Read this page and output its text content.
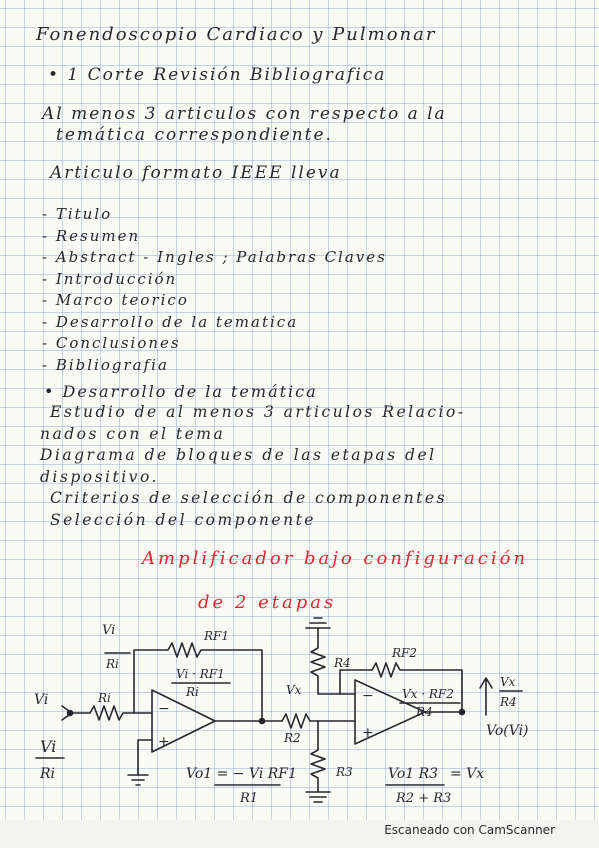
Fonendoscopio Cardiaco y Pulmonar

• 1 Corte Revisión Bibliografica

Al menos 3 articulos con respecto a la

temática correspondiente.

Articulo formato IEEE lleva

- Titulo
- Resumen
- Abstract - Ingles ; Palabras Claves
- Introducción
- Marco teorico
- Desarrollo de la tematica
- Conclusiones
- Bibliografia

• Desarrollo de la temática

Estudio de al menos 3 articulos Relacio-
nados con el tema
Diagrama de bloques de las etapas del
dispositivo.
Criterios de selección de componentes
Selección del componente

Amplificador bajo configuración

de 2 etapas

Vi
Ri
RF1
Vi · RF1
Ri
Vi	Ri
−
+
R4
RF2
Vx	Vx · RF2
R4
−
+
R2
R3
Vx
R4
Vo(Vi)
Vi
Ri	Vo1 = − Vi RF1
R1
Vo1 R3 = Vx
R2 + R3

Escaneado con CamScanner
